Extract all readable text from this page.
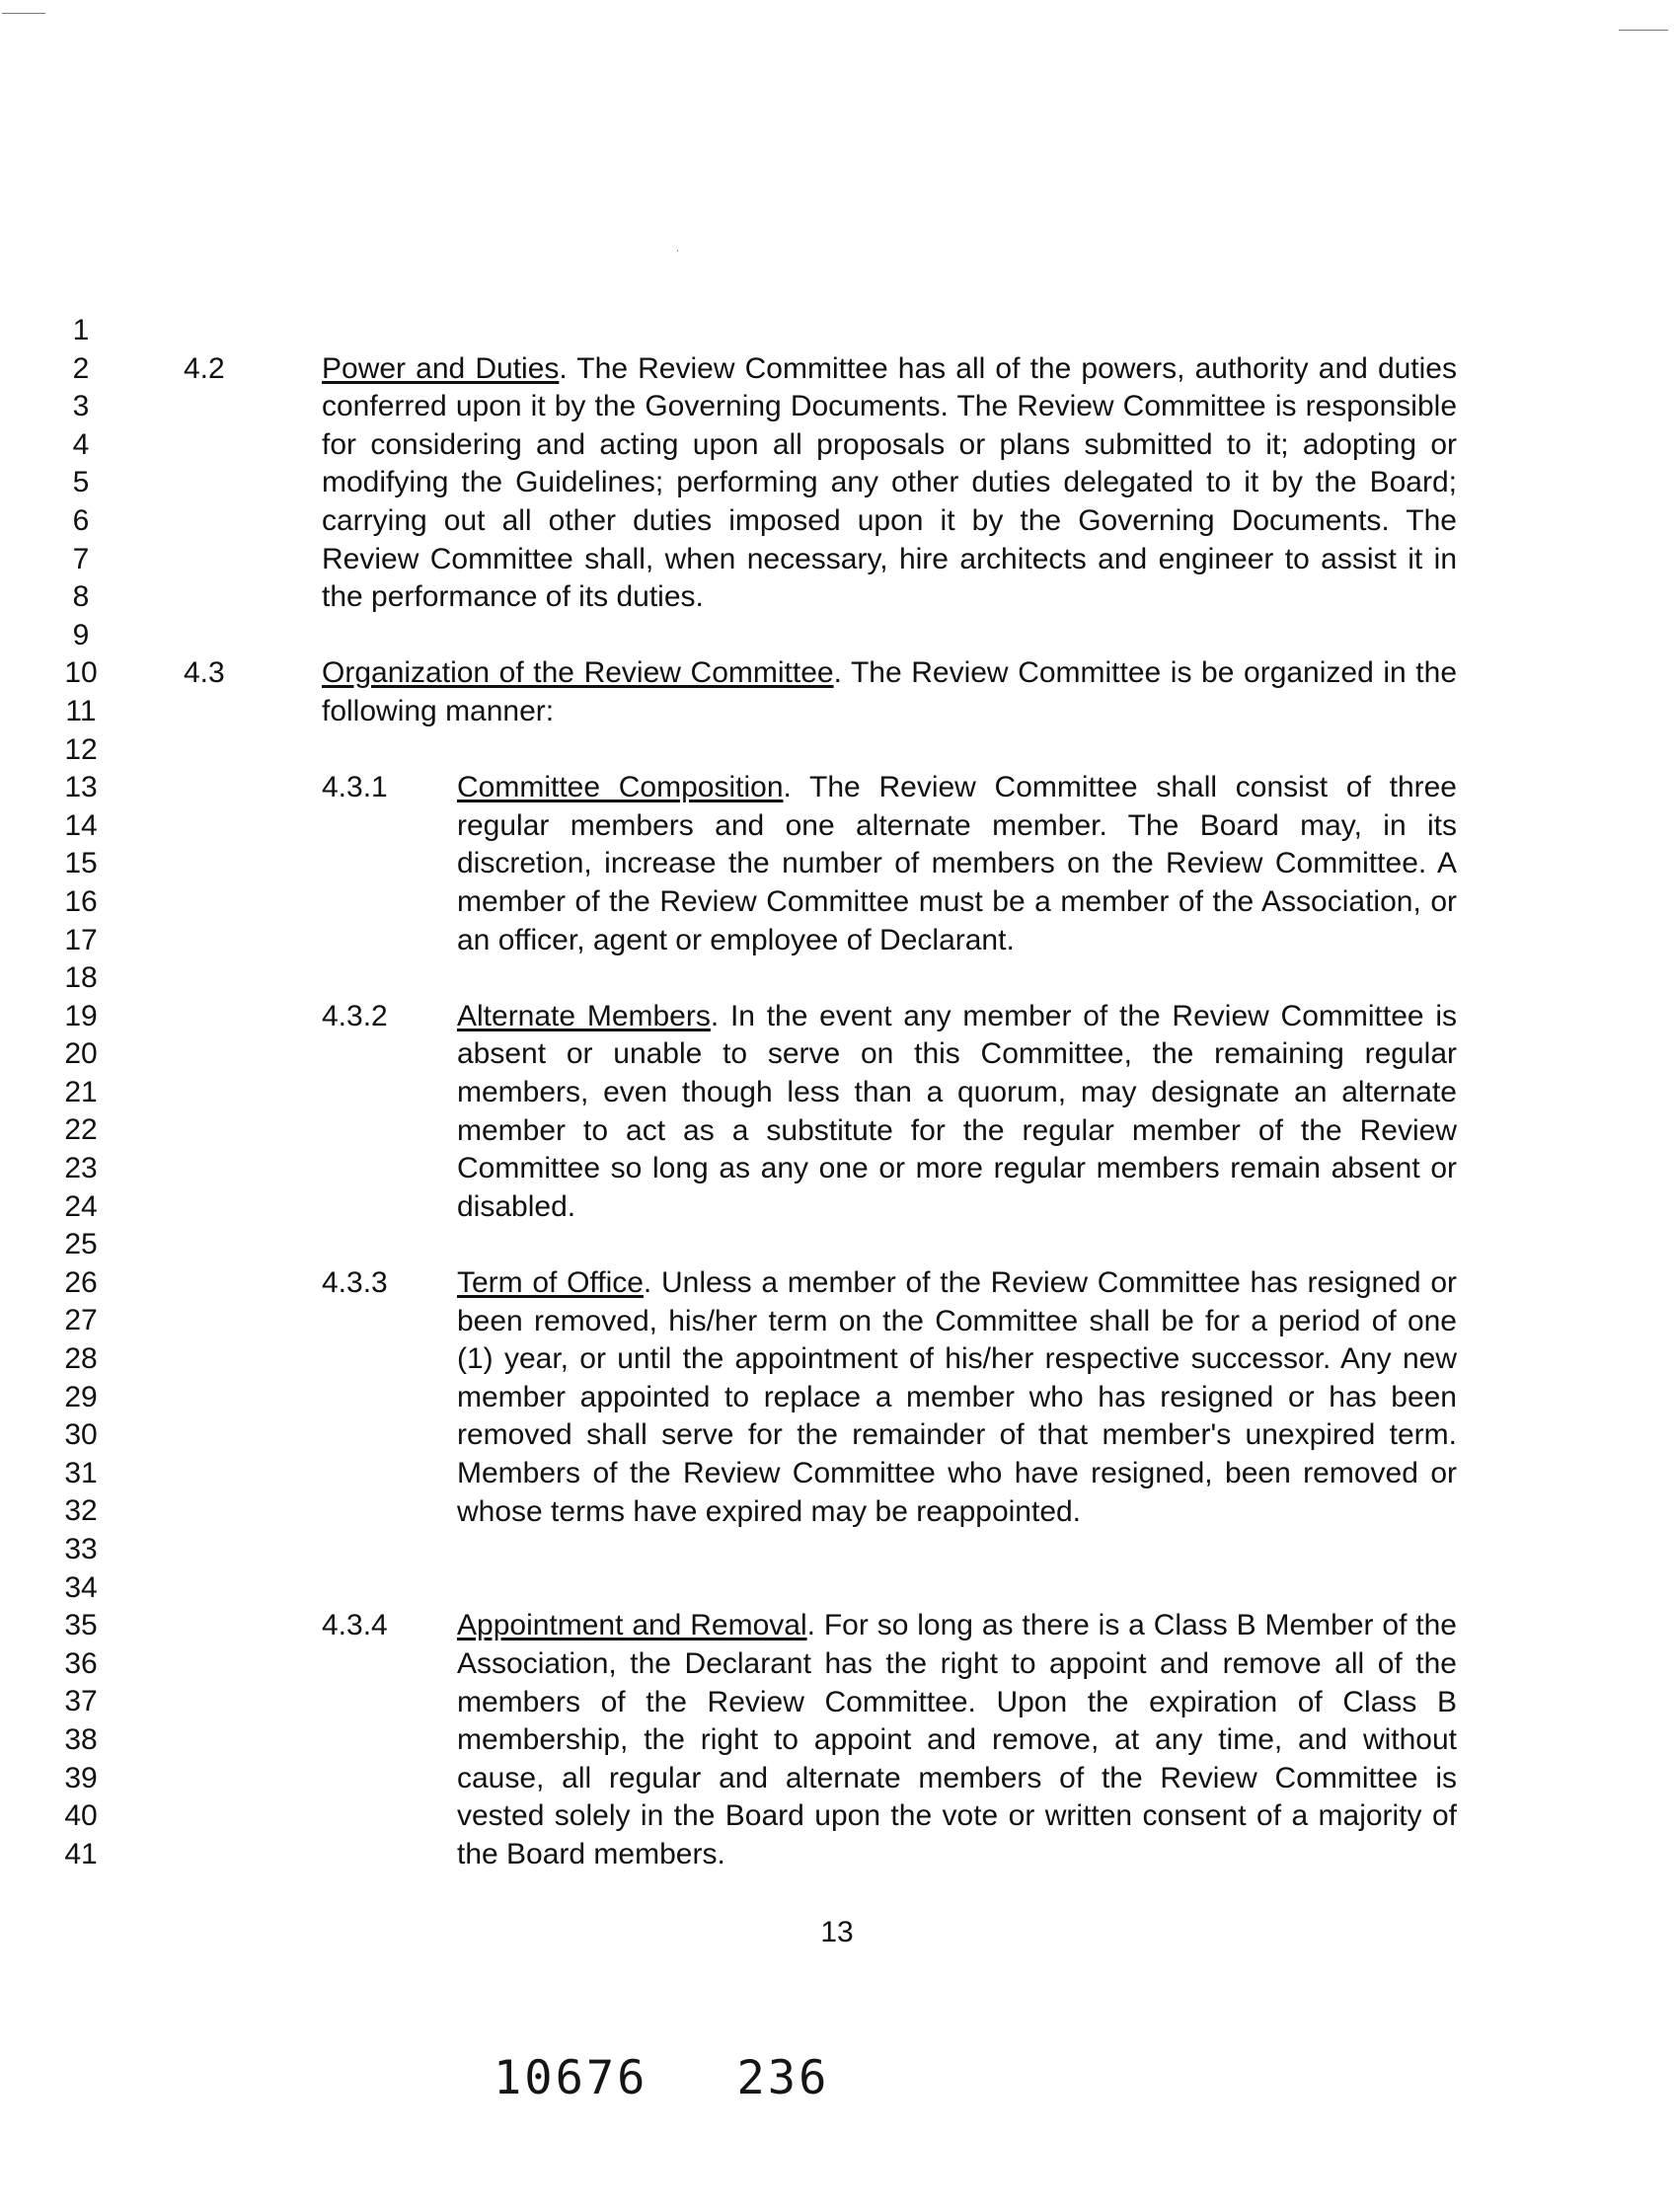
1
2
3
4
5
6
7
8
9
10
11
12
13
14
15
16
17
18
19
20
21
22
23
24
25
26
27
28
29
30
31
32
33
34
35
36
37
38
39
40
41
4.2	Power and Duties. The Review Committee has all of the powers, authority and duties conferred upon it by the Governing Documents. The Review Committee is responsible for considering and acting upon all proposals or plans submitted to it; adopting or modifying the Guidelines; performing any other duties delegated to it by the Board; carrying out all other duties imposed upon it by the Governing Documents. The Review Committee shall, when necessary, hire architects and engineer to assist it in the performance of its duties.

4.3	Organization of the Review Committee. The Review Committee is be organized in the following manner:

4.3.1 Committee Composition. The Review Committee shall consist of three regular members and one alternate member. The Board may, in its discretion, increase the number of members on the Review Committee. A member of the Review Committee must be a member of the Association, or an officer, agent or employee of Declarant.

4.3.2 Alternate Members. In the event any member of the Review Committee is absent or unable to serve on this Committee, the remaining regular members, even though less than a quorum, may designate an alternate member to act as a substitute for the regular member of the Review Committee so long as any one or more regular members remain absent or disabled.

4.3.3 Term of Office. Unless a member of the Review Committee has resigned or been removed, his/her term on the Committee shall be for a period of one (1) year, or until the appointment of his/her respective successor. Any new member appointed to replace a member who has resigned or has been removed shall serve for the remainder of that member's unexpired term. Members of the Review Committee who have resigned, been removed or whose terms have expired may be reappointed.

4.3.4 Appointment and Removal. For so long as there is a Class B Member of the Association, the Declarant has the right to appoint and remove all of the members of the Review Committee. Upon the expiration of Class B membership, the right to appoint and remove, at any time, and without cause, all regular and alternate members of the Review Committee is vested solely in the Board upon the vote or written consent of a majority of the Board members.

13
10676 236
